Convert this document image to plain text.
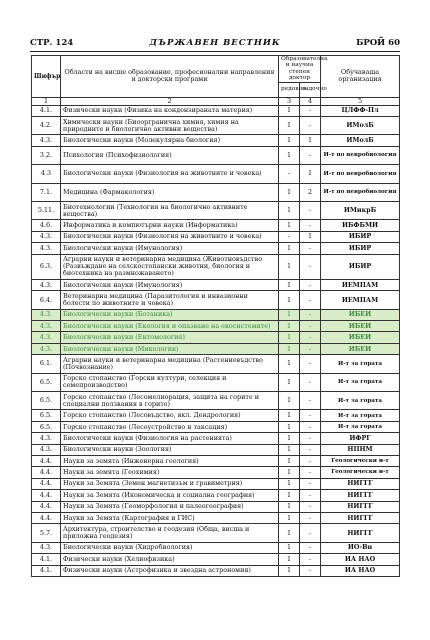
СТР. 124	ДЪРЖАВЕН ВЕСТНИК	БРОЙ 60
Шифър	Области на висше образование, професионални направления и докторски програми	Образователна и научна степен доктор		Обучаваща организация
		редовно	задочно	
1	2	3	4	5
4.1.	Физически науки (Физика на кондензираната материя)	1	-	ЦЛФФ-Пл
4.2.	Химически науки (Биооргранична химия, химия на природните и биологично активни вещества)	1	-	ИМолБ
4.3.	Биологически науки (Молекулярна биология)	1	1	ИМолБ
3.2.	Психология (Психофизиология)	1	-	И-т по невробиология
4.3	Биологически науки (Физиология на животните и човека)	-	1	И-т по невробиология
7.1.	Медицина (Фармакология)	1	2	И-т по невробиология
5.11.	Биотехнологии (Технология на биологично активните вещества)	1	-	ИМикрБ
4.6.	Информатика и компютърни науки (Информатика)	1	-	ИБФБМИ
4.3.	Биологически науки (Физиология на животните и човека)	-	1	ИБИР
4.3.	Биологически науки (Имунология)	1	-	ИБИР
6.3.	Аграрни науки и ветеринарна медицина (Животновъдство (Развъждане на селскостопански животни, биология и биотехника на размножаването)	1	-	ИБИР
4.3.	Биологически науки (Имунология)	1	-	ИЕМПАМ
6.4.	Ветеринарна медицина (Паразитология и инвазионни болести по животните и човека)	1	-	ИЕМПАМ
4.3.	Биологически науки (Ботаника)	1	-	ИБЕИ
4.3.	Биологически науки (Екология и опазване на екосистемите)	1	-	ИБЕИ
4.3.	Биологически науки (Ентомология)	1	-	ИБЕИ
4.3.	Биологически науки (Микология)	1	-	ИБЕИ
6.1.	Аграрни науки и ветеринарна медицина (Растениевъдство (Почвознание)	1	-	И-т за гората
6.5.	Горско стопанство (Горски култури, селекция и семепроизводство)	1	-	И-т за гората
6.5.	Горско стопанство (Лесомелиорация, защита на горите и специални ползвания в горите)	1	-	И-т за гората
6.5.	Горско стопанство (Лесовъдство, вкл. Дендрология)	1	-	И-т за гората
6.5.	Горско стопанство (Лесоустройство и таксация)	1	-	И-т за гората
4.3.	Биологически науки (Физиология на растенията)	1	-	ИФРГ
4.3.	Биологически науки (Зоология)	1	-	НПНМ
4.4.	Науки за земята (Инженерна геология)	1	-	Геологически и-т
4.4.	Науки за земята (Геохимия)	1	-	Геологически и-т
4.4.	Науки за Земята (Земен магнетизъм и гравиметрия)	1	-	НИГГГ
4.4.	Науки за Земята (Икономическа и социална география)	1	-	НИГГГ
4.4.	Науки за Земята (Геоморфология и палеогеография)	1	-	НИГГГ
4.4.	Науки за Земята (Картография и ГИС)	1	-	НИГГГ
5.7.	Архитектура, строителство и геодезия (Обща, висша и приложна геодезия)	1	-	НИГГГ
4.3.	Биологически науки (Хидробиология)	1	-	ИО-Вн
4.1.	Физически науки (Хелиофизика)	1	-	ИА НАО
4.1.	Физически науки (Астрофизика и звездна астрономия)	1	-	ИА НАО
